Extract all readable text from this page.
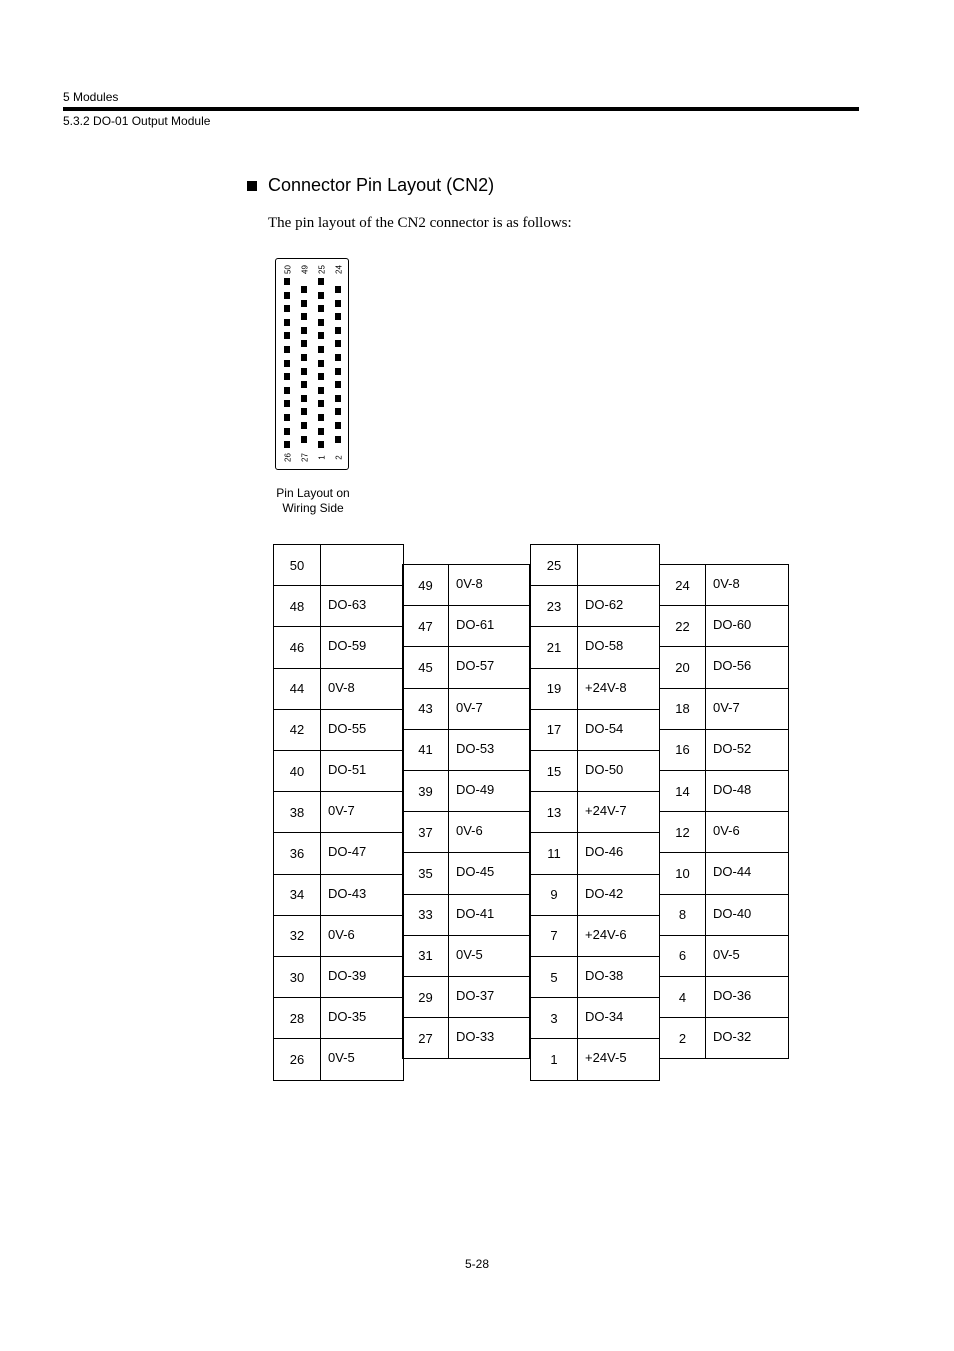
5 Modules
5.3.2 DO-01 Output Module
Connector Pin Layout (CN2)
The pin layout of the CN2 connector is as follows:
50 49 25 24
26 27 1 2
Pin Layout on
Wiring Side
50
48	DO-63
46	DO-59
44	0V-8
42	DO-55
40	DO-51
38	0V-7
36	DO-47
34	DO-43
32	0V-6
30	DO-39
28	DO-35
26	0V-5
49	0V-8
47	DO-61
45	DO-57
43	0V-7
41	DO-53
39	DO-49
37	0V-6
35	DO-45
33	DO-41
31	0V-5
29	DO-37
27	DO-33
25
23	DO-62
21	DO-58
19	+24V-8
17	DO-54
15	DO-50
13	+24V-7
11	DO-46
9	DO-42
7	+24V-6
5	DO-38
3	DO-34
1	+24V-5
24	0V-8
22	DO-60
20	DO-56
18	0V-7
16	DO-52
14	DO-48
12	0V-6
10	DO-44
8	DO-40
6	0V-5
4	DO-36
2	DO-32
5-28
